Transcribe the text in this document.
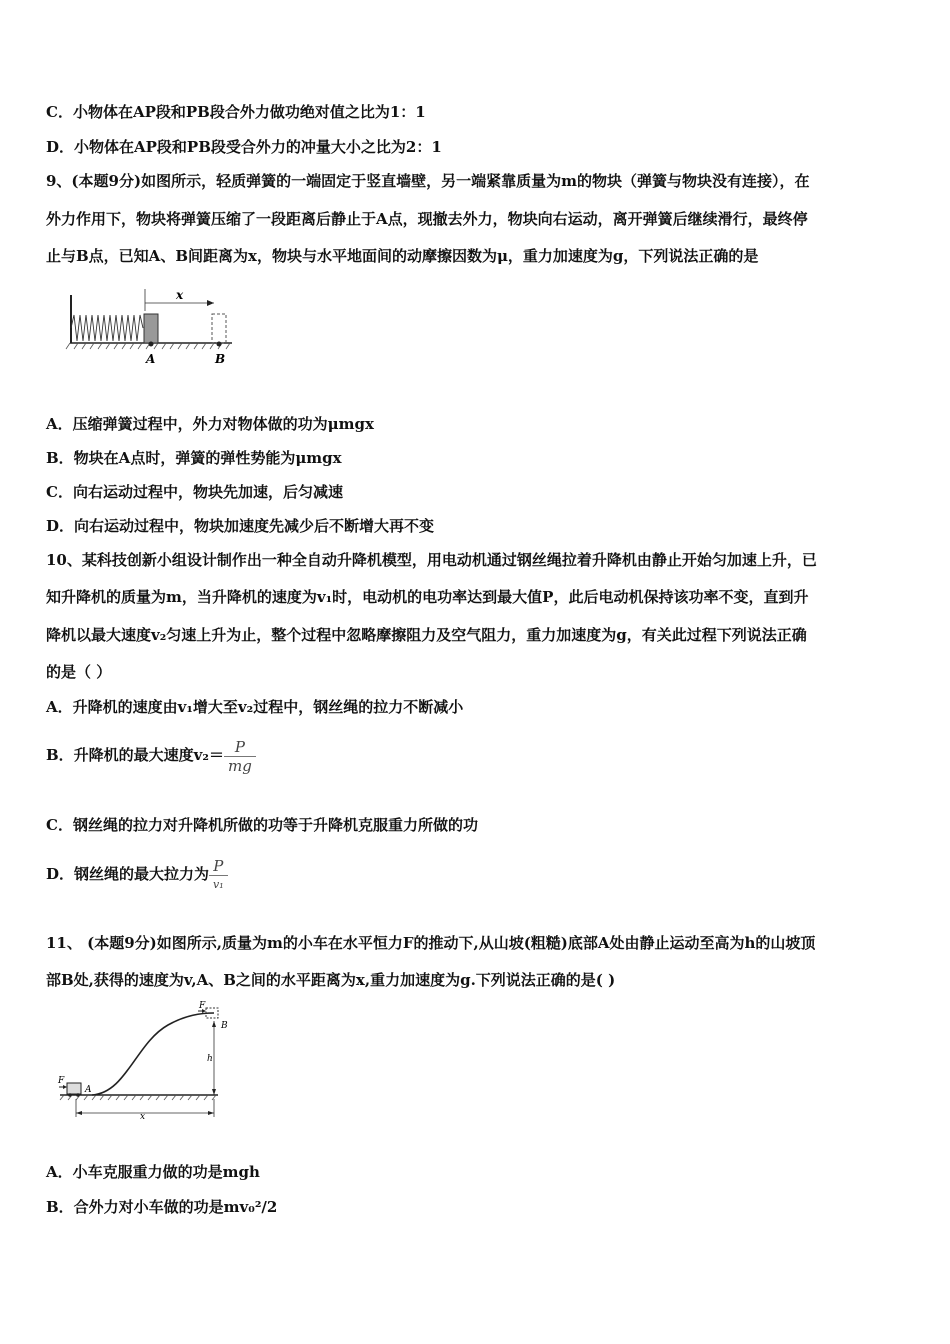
C．小物体在AP段和PB段合外力做功绝对值之比为1：1
D．小物体在AP段和PB段受合外力的冲量大小之比为2：1
9、(本题9分)如图所示，轻质弹簧的一端固定于竖直墙壁，另一端紧靠质量为m的物块（弹簧与物块没有连接），在
外力作用下，物块将弹簧压缩了一段距离后静止于A点，现撤去外力，物块向右运动，离开弹簧后继续滑行，最终停
止与B点，已知A、B间距离为x，物块与水平地面间的动摩擦因数为μ，重力加速度为g，下列说法正确的是
x
A	B
A．压缩弹簧过程中，外力对物体做的功为μmgx
B．物块在A点时，弹簧的弹性势能为μmgx
C．向右运动过程中，物块先加速，后匀减速
D．向右运动过程中，物块加速度先减少后不断增大再不变
10、某科技创新小组设计制作出一种全自动升降机模型，用电动机通过钢丝绳拉着升降机由静止开始匀加速上升，已
知升降机的质量为m，当升降机的速度为v₁时，电动机的电功率达到最大值P，此后电动机保持该功率不变，直到升
降机以最大速度v₂匀速上升为止，整个过程中忽略摩擦阻力及空气阻力，重力加速度为g，有关此过程下列说法正确
的是（ ）
A．升降机的速度由v₁增大至v₂过程中，钢丝绳的拉力不断减小
B．升降机的最大速度$v_2= \frac{P}{mg}$
C．钢丝绳的拉力对升降机所做的功等于升降机克服重力所做的功
D．钢丝绳的最大拉力为 $\frac{P}{\text{v₁}}$
11、 (本题9分)如图所示,质量为m的小车在水平恒力F的推动下,从山坡(粗糙)底部A处由静止运动至高为h的山坡顶
部B处,获得的速度为v,A、B之间的水平距离为x,重力加速度为g.下列说法正确的是( )
F
A
F
B
h
x
A．小车克服重力做的功是mgh
B．合外力对小车做的功是mv₀²/2
